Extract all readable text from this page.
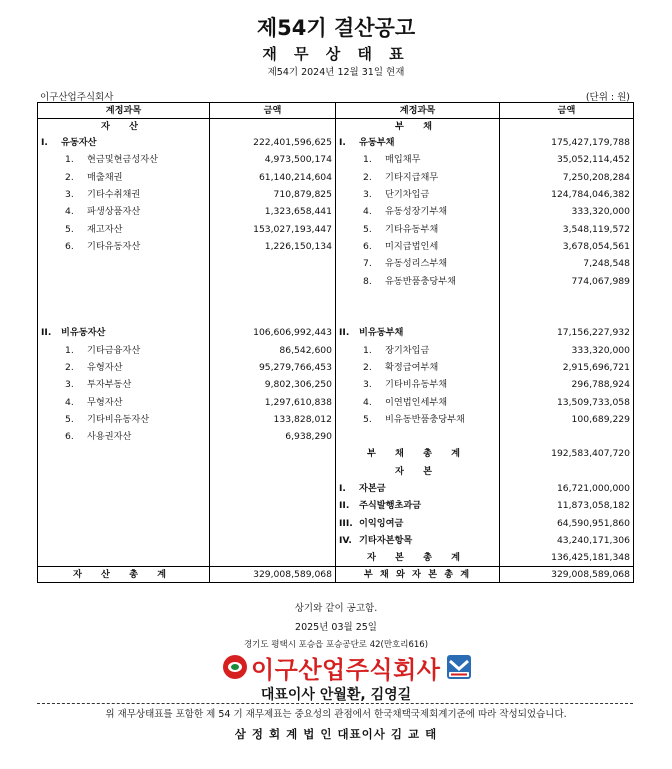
제54기 결산공고
재 무 상 태 표
제54기 2024년 12월 31일 현재
이구산업주식회사	(단위 : 원)
계정과목	금액	계정과목	금액
자 산		부 채	
I. 유동자산	222,401,596,625	I. 유동부채	175,427,179,788
1. 현금및현금성자산	4,973,500,174	1. 매입채무	35,052,114,452
2. 매출채권	61,140,214,604	2. 기타지급채무	7,250,208,284
3. 기타수취채권	710,879,825	3. 단기차입금	124,784,046,382
4. 파생상품자산	1,323,658,441	4. 유동성장기부채	333,320,000
5. 재고자산	153,027,193,447	5. 기타유동부채	3,548,119,572
6. 기타유동자산	1,226,150,134	6. 미지급법인세	3,678,054,561
		7. 유동성리스부채	7,248,548
		8. 유동반품충당부채	774,067,989

II. 비유동자산	106,606,992,443	II. 비유동부채	17,156,227,932
1. 기타금융자산	86,542,600	1. 장기차입금	333,320,000
2. 유형자산	95,279,766,453	2. 확정급여부채	2,915,696,721
3. 투자부동산	9,802,306,250	3. 기타비유동부채	296,788,924
4. 무형자산	1,297,610,838	4. 이연법인세부채	13,509,733,058
5. 기타비유동자산	133,828,012	5. 비유동반품충당부채	100,689,229
6. 사용권자산	6,938,290		
		부 채 총 계	192,583,407,720
		자 본	
		I. 자본금	16,721,000,000
		II. 주식발행초과금	11,873,058,182
		III. 이익잉여금	64,590,951,860
		IV. 기타자본항목	43,240,171,306
		자 본 총 계	136,425,181,348
자 산 총 계	329,008,589,068	부 채 와 자 본 총 계	329,008,589,068
상기와 같이 공고함.
2025년 03월 25일
경기도 평택시 포승읍 포승공단로 42(만호리616)
이구산업주식회사
대표이사 안월환, 김영길
위 재무상태표를 포함한 제 54 기 재무제표는 중요성의 관점에서 한국채택국제회계기준에 따라 작성되었습니다.
삼 정 회 계 법 인 대표이사 김 교 태
